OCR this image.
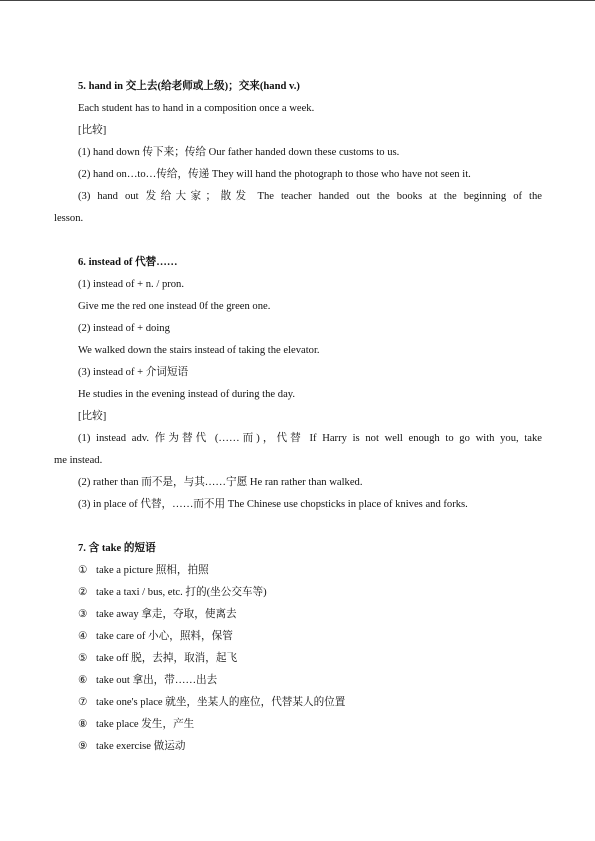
5. hand in 交上去(给老师或上级)；交来(hand v.)
Each student has to hand in a composition once a week.
[比较]
(1) hand down 传下来；传给 Our father handed down these customs to us.
(2) hand on…to…传给，传递 They will hand the photograph to those who have not seen it.
(3) hand out 发给大家；散发 The teacher handed out the books at the beginning of the
lesson.
6. instead of 代替……
(1) instead of + n. / pron.
Give me the red one instead 0f the green one.
(2) instead of + doing
We walked down the stairs instead of taking the elevator.
(3) instead of + 介词短语
He studies in the evening instead of during the day.
[比较]
(1) instead adv. 作为替代 (……而)，代替 If Harry is not well enough to go with you, take
me instead.
(2) rather than 而不是，与其……宁愿 He ran rather than walked.
(3) in place of 代替，……而不用 The Chinese use chopsticks in place of knives and forks.
7. 含 take 的短语
① take a picture 照相，拍照
② take a taxi / bus, etc. 打的(坐公交车等)
③ take away 拿走，夺取，使离去
④ take care of 小心，照料，保管
⑤ take off 脱，去掉，取消，起飞
⑥ take out 拿出，带……出去
⑦ take one's place 就坐，坐某人的座位，代替某人的位置
⑧ take place 发生，产生
⑨ take exercise 做运动
